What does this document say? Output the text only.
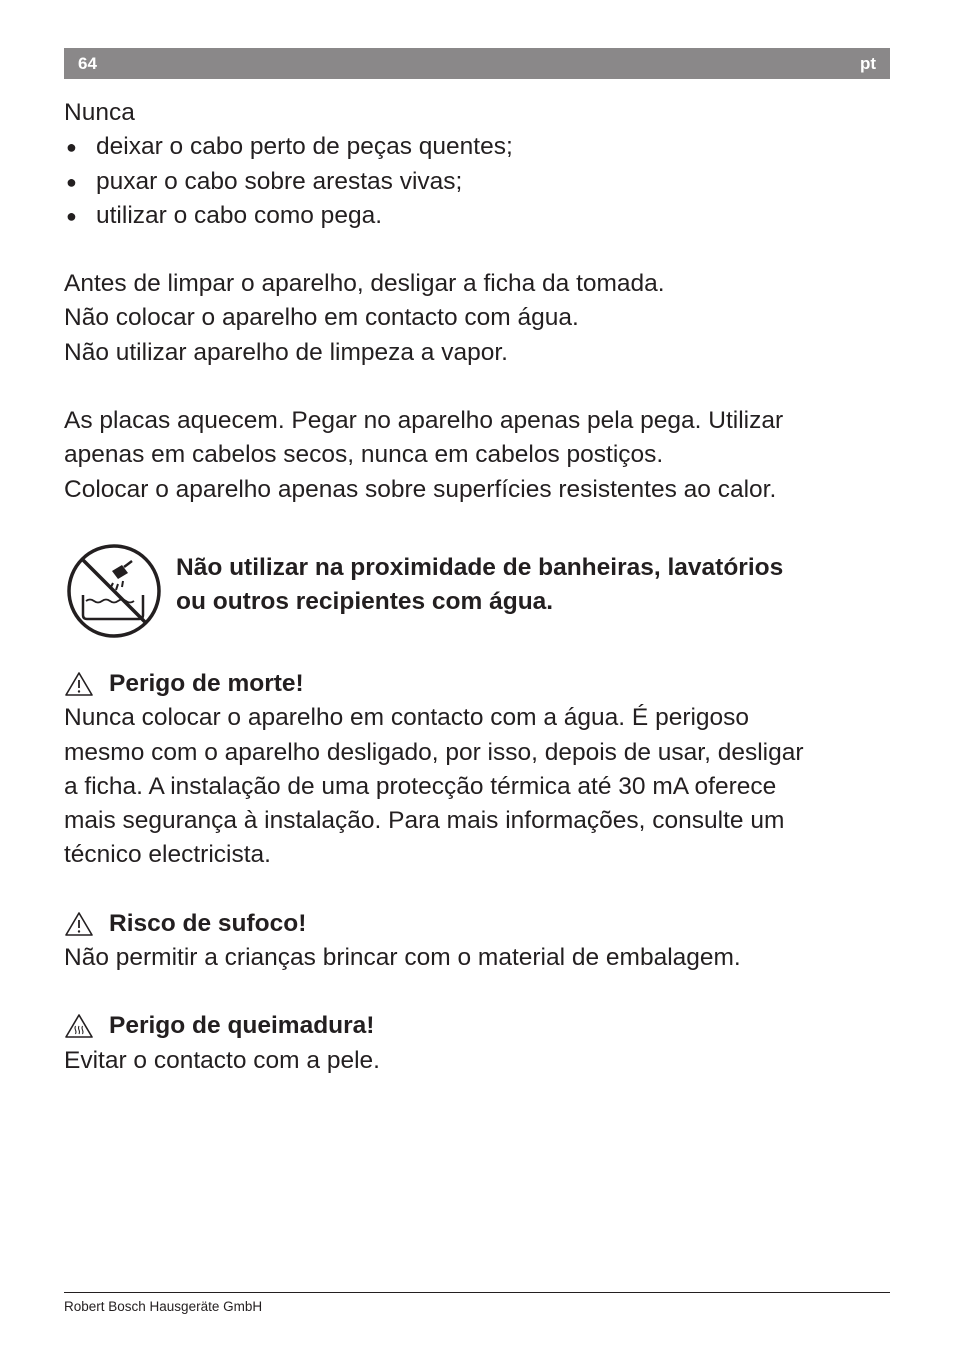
64	pt

Nunca

● deixar o cabo perto de peças quentes;
● puxar o cabo sobre arestas vivas;
● utilizar o cabo como pega.

Antes de limpar o aparelho, desligar a ficha da tomada.

Não colocar o aparelho em contacto com água.

Não utilizar aparelho de limpeza a vapor.

As placas aquecem. Pegar no aparelho apenas pela pega. Utilizar

apenas em cabelos secos, nunca em cabelos postiços.

Colocar o aparelho apenas sobre superfícies resistentes ao calor.

Não utilizar na proximidade de banheiras, lavatórios

ou outros recipientes com água.

Perigo de morte!

Nunca colocar o aparelho em contacto com a água. É perigoso

mesmo com o aparelho desligado, por isso, depois de usar, desligar

a ficha. A instalação de uma protecção térmica até 30 mA oferece

mais segurança à instalação. Para mais informações, consulte um

técnico electricista.

Risco de sufoco!

Não permitir a crianças brincar com o material de embalagem.

Perigo de queimadura!

Evitar o contacto com a pele.

Robert Bosch Hausgeräte GmbH
